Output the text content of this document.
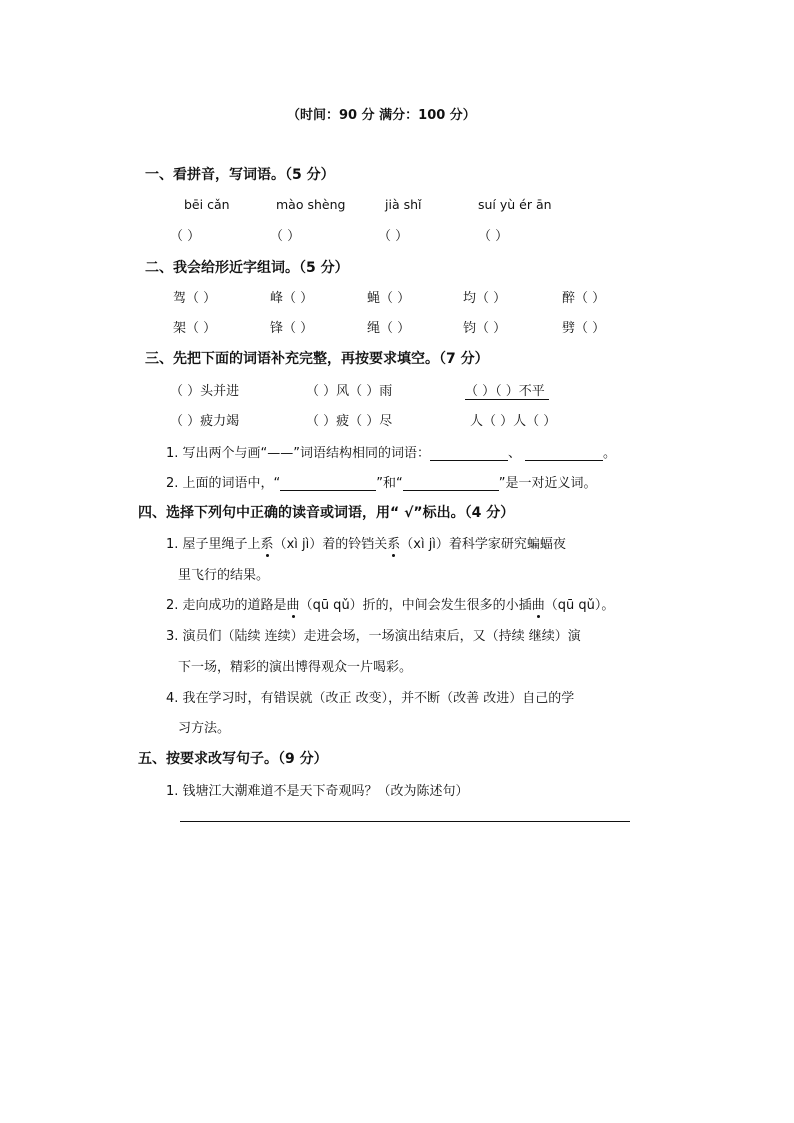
（时间：90 分 满分：100 分）
一、看拼音，写词语。（5 分）
bēi cǎn	mào shèng	jià shǐ	suí yù ér ān
（ ）	（ ）	（ ）	（ ）
二、我会给形近字组词。（5 分）
驾（ ）	峰（ ）	蝇（ ）	均（ ）	醉（ ）
架（ ）	锋（ ）	绳（ ）	钧（ ）	劈（ ）
三、先把下面的词语补充完整，再按要求填空。（7 分）
（ ）头并进	（ ）风（ ）雨	（ ）（ ）不平
（ ）疲力竭	（ ）疲（ ）尽	人（ ）人（ ）
1. 写出两个与画“——”词语结构相同的词语：	、	。
2. 上面的词语中，“	”和“	”是一对近义词。
四、选择下列句中正确的读音或词语，用“ √”标出。（4 分）
1. 屋子里绳子上系（xì jì）着的铃铛关系（xì jì）着科学家研究蝙蝠夜
里飞行的结果。
2. 走向成功的道路是曲（qū qǔ）折的，中间会发生很多的小插曲（qū qǔ）。
3. 演员们（陆续 连续）走进会场，一场演出结束后，又（持续 继续）演
下一场，精彩的演出博得观众一片喝彩。
4. 我在学习时，有错误就（改正 改变），并不断（改善 改进）自己的学
习方法。
五、按要求改写句子。（9 分）
1. 钱塘江大潮难道不是天下奇观吗？（改为陈述句）
